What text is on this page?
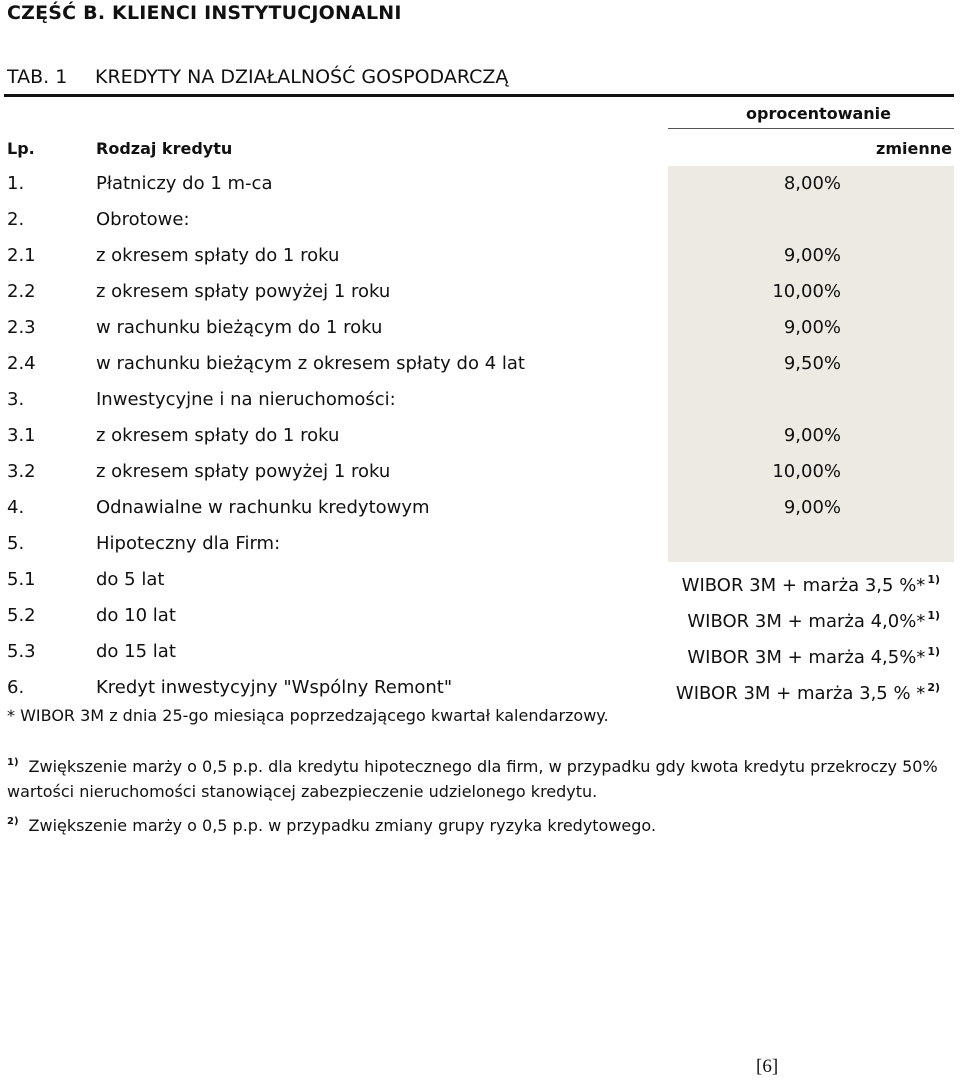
CZĘŚĆ B. KLIENCI INSTYTUCJONALNI
TAB. 1 KREDYTY NA DZIAŁALNOŚĆ GOSPODARCZĄ
oprocentowanie
Lp.	Rodzaj kredytu	zmienne
1.	Płatniczy do 1 m-ca	8,00%
2.	Obrotowe:
2.1	z okresem spłaty do 1 roku	9,00%
2.2	z okresem spłaty powyżej 1 roku	10,00%
2.3	w rachunku bieżącym do 1 roku	9,00%
2.4	w rachunku bieżącym z okresem spłaty do 4 lat	9,50%
3.	Inwestycyjne i na nieruchomości:
3.1	z okresem spłaty do 1 roku	9,00%
3.2	z okresem spłaty powyżej 1 roku	10,00%
4.	Odnawialne w rachunku kredytowym	9,00%
5.	Hipoteczny dla Firm:
5.1	do 5 lat	WIBOR 3M + marża 3,5 %* $^{1)}$
5.2	do 10 lat	WIBOR 3M + marża 4,0%* $^{1)}$
5.3	do 15 lat	WIBOR 3M + marża 4,5%* $^{1)}$
6.	Kredyt inwestycyjny "Wspólny Remont"	WIBOR 3M + marża 3,5 % * $^{2)}$
* WIBOR 3M z dnia 25-go miesiąca poprzedzającego kwartał kalendarzowy.
$^{1)}$ Zwiększenie marży o 0,5 p.p. dla kredytu hipotecznego dla firm, w przypadku gdy kwota kredytu przekroczy 50% wartości nieruchomości stanowiącej zabezpieczenie udzielonego kredytu.
$^{2)}$ Zwiększenie marży o 0,5 p.p. w przypadku zmiany grupy ryzyka kredytowego.
[6]
